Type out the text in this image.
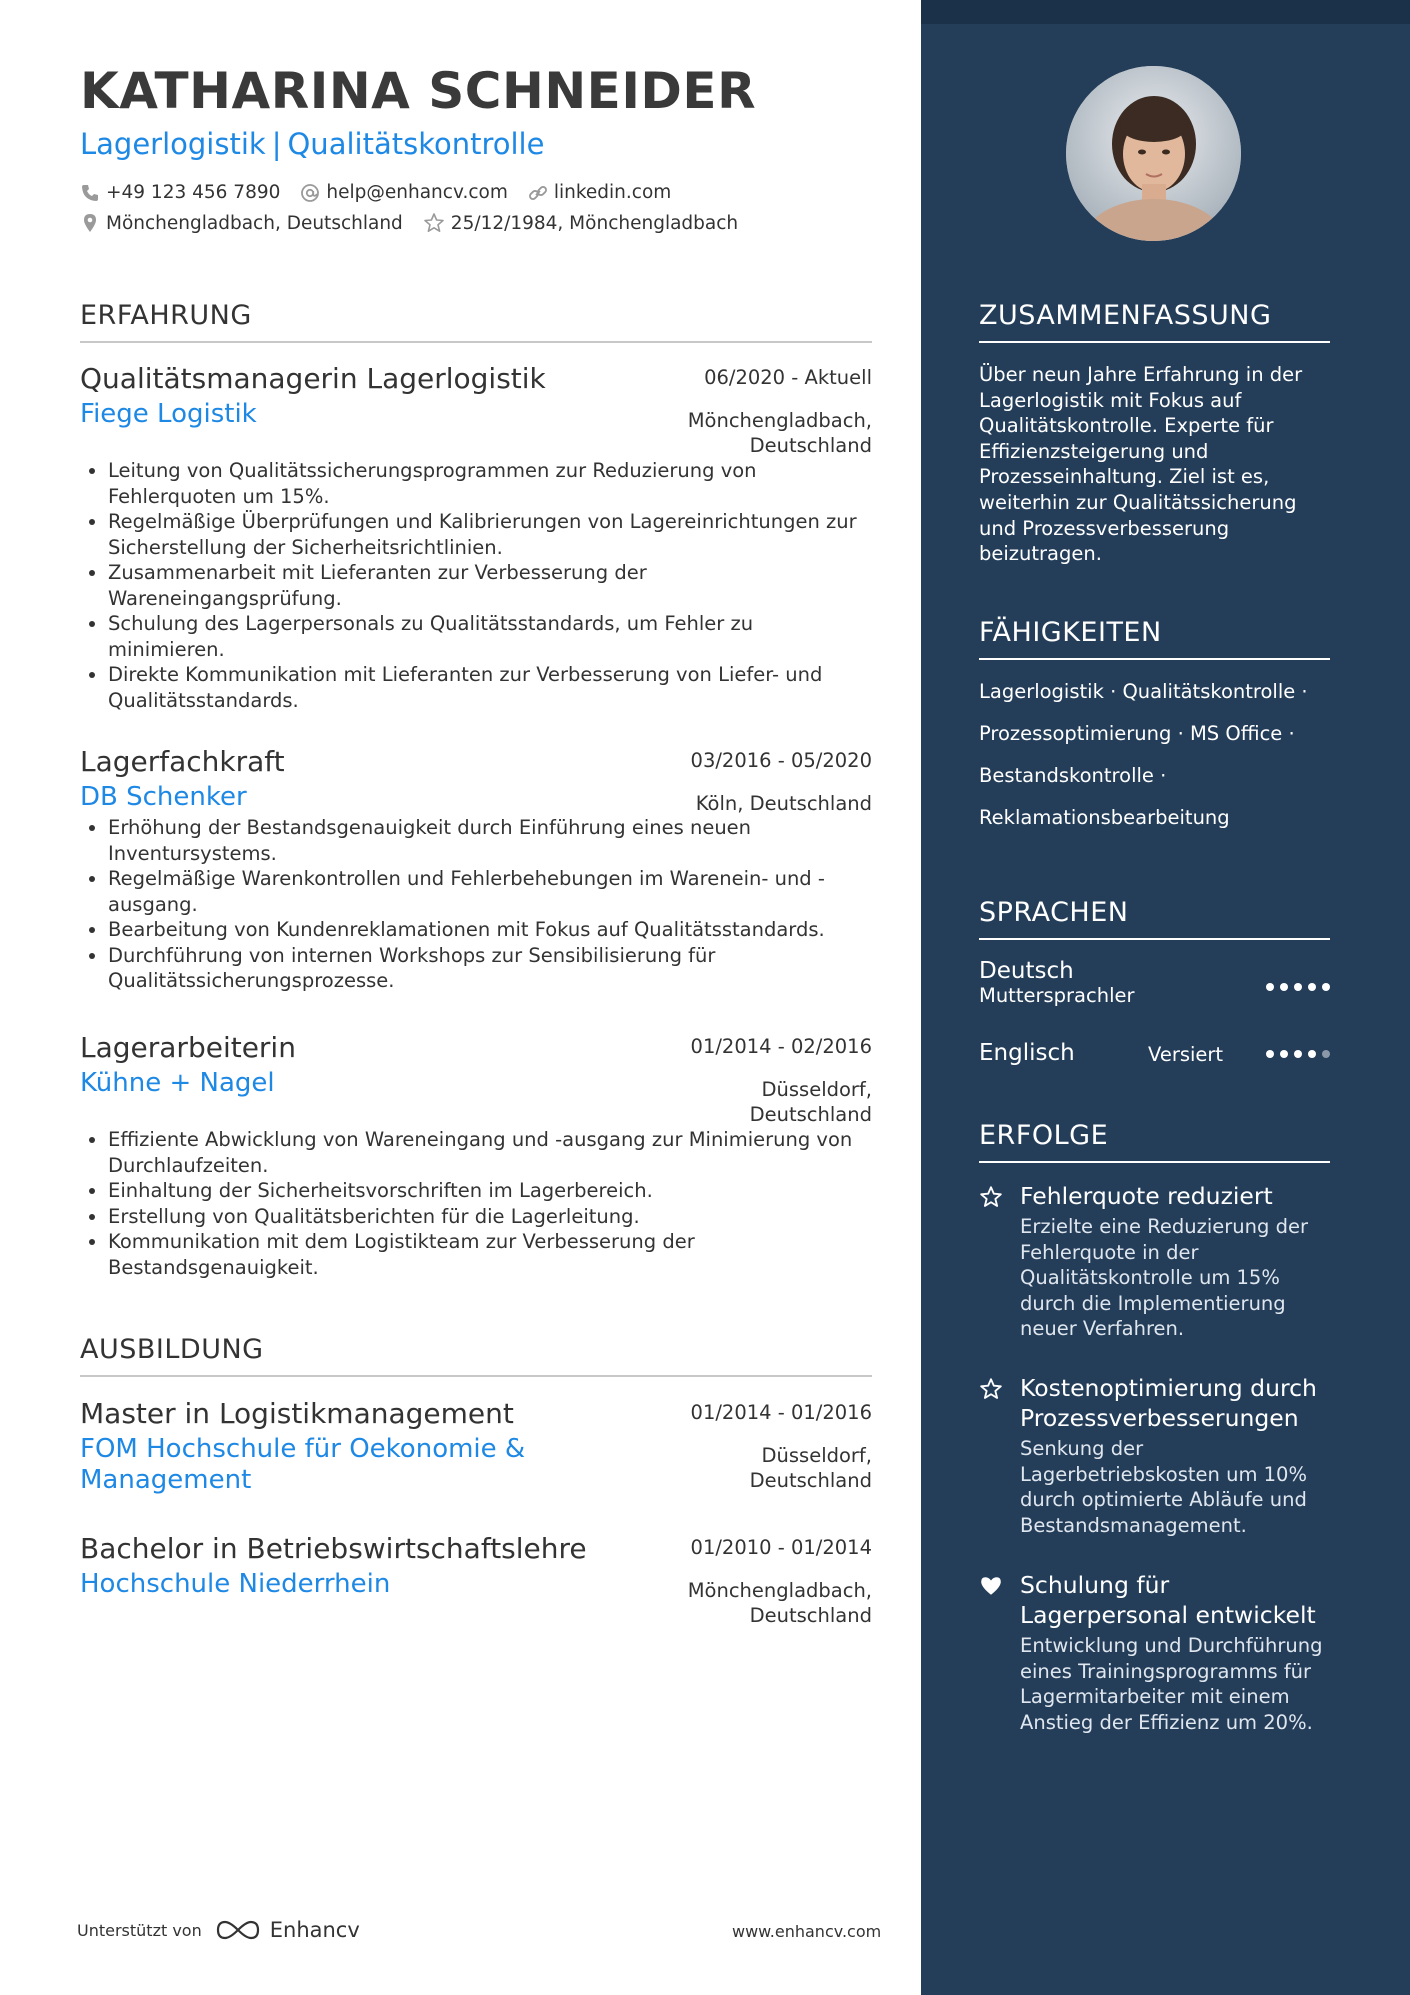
KATHARINA SCHNEIDER
Lagerlogistik | Qualitätskontrolle
+49 123 456 7890 help@enhancv.com linkedin.com
Mönchengladbach, Deutschland	25/12/1984, Mönchengladbach
ERFAHRUNG
Qualitätsmanagerin Lagerlogistik	06/2020 - Aktuell
Fiege Logistik	Mönchengladbach,
Deutschland
• Leitung von Qualitätssicherungsprogrammen zur Reduzierung von Fehlerquoten um 15%.
• Regelmäßige Überprüfungen und Kalibrierungen von Lagereinrichtungen zur Sicherstellung der Sicherheitsrichtlinien.
• Zusammenarbeit mit Lieferanten zur Verbesserung der Wareneingangsprüfung.
• Schulung des Lagerpersonals zu Qualitätsstandards, um Fehler zu minimieren.
• Direkte Kommunikation mit Lieferanten zur Verbesserung von Liefer- und Qualitätsstandards.
Lagerfachkraft	03/2016 - 05/2020
DB Schenker	Köln, Deutschland
• Erhöhung der Bestandsgenauigkeit durch Einführung eines neuen Inventursystems.
• Regelmäßige Warenkontrollen und Fehlerbehebungen im Warenein- und -ausgang.
• Bearbeitung von Kundenreklamationen mit Fokus auf Qualitätsstandards.
• Durchführung von internen Workshops zur Sensibilisierung für Qualitätssicherungsprozesse.
Lagerarbeiterin	01/2014 - 02/2016
Kühne + Nagel	Düsseldorf,
Deutschland
• Effiziente Abwicklung von Wareneingang und -ausgang zur Minimierung von Durchlaufzeiten.
• Einhaltung der Sicherheitsvorschriften im Lagerbereich.
• Erstellung von Qualitätsberichten für die Lagerleitung.
• Kommunikation mit dem Logistikteam zur Verbesserung der Bestandsgenauigkeit.
AUSBILDUNG
Master in Logistikmanagement	01/2014 - 01/2016
FOM Hochschule für Oekonomie & Management
Düsseldorf,
Deutschland
Bachelor in Betriebswirtschaftslehre	01/2010 - 01/2014
Hochschule Niederrhein	Mönchengladbach,
Deutschland
ZUSAMMENFASSUNG
Über neun Jahre Erfahrung in der Lagerlogistik mit Fokus auf Qualitätskontrolle. Experte für Effizienzsteigerung und Prozesseinhaltung. Ziel ist es, weiterhin zur Qualitätssicherung und Prozessverbesserung beizutragen.
FÄHIGKEITEN
Lagerlogistik · Qualitätskontrolle ·
Prozessoptimierung · MS Office ·
Bestandskontrolle ·
Reklamationsbearbeitung
SPRACHEN
Deutsch
Muttersprachler
Englisch	Versiert
ERFOLGE
Fehlerquote reduziert
Erzielte eine Reduzierung der Fehlerquote in der Qualitätskontrolle um 15% durch die Implementierung neuer Verfahren.
Kostenoptimierung durch Prozessverbesserungen
Senkung der Lagerbetriebskosten um 10% durch optimierte Abläufe und Bestandsmanagement.
Schulung für Lagerpersonal entwickelt
Entwicklung und Durchführung eines Trainingsprogramms für Lagermitarbeiter mit einem Anstieg der Effizienz um 20%.
Unterstützt von	Enhancv	www.enhancv.com
